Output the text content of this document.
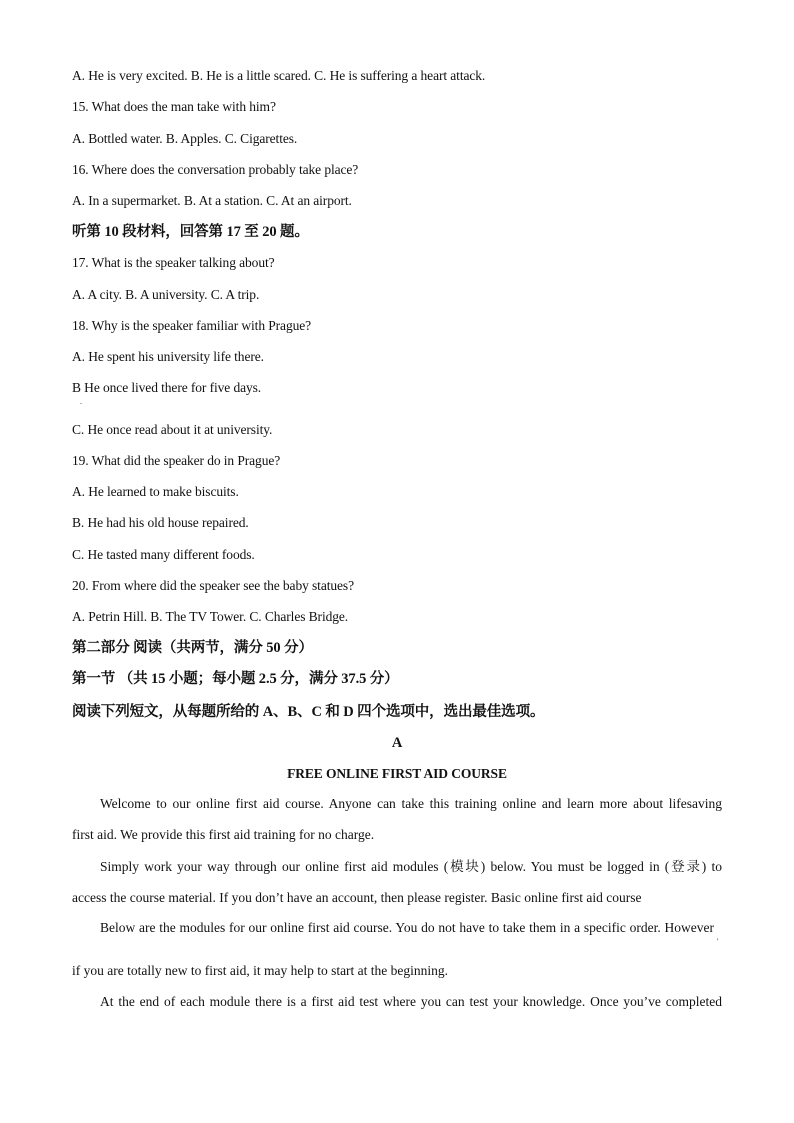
A. He is very excited. B. He is a little scared. C. He is suffering a heart attack.
15. What does the man take with him?
A. Bottled water. B. Apples. C. Cigarettes.
16. Where does the conversation probably take place?
A. In a supermarket. B. At a station. C. At an airport.
听第 10 段材料，回答第 17 至 20 题。
17. What is the speaker talking about?
A. A city. B. A university. C. A trip.
18. Why is the speaker familiar with Prague?
A. He spent his university life there.
B He once lived there for five days.
.
C. He once read about it at university.
19. What did the speaker do in Prague?
A. He learned to make biscuits.
B. He had his old house repaired.
C. He tasted many different foods.
20. From where did the speaker see the baby statues?
A. Petrin Hill. B. The TV Tower. C. Charles Bridge.
第二部分 阅读（共两节，满分 50 分）
第一节 （共 15 小题；每小题 2.5 分，满分 37.5 分）
阅读下列短文，从每题所给的 A、B、C 和 D 四个选项中，选出最佳选项。
A
FREE ONLINE FIRST AID COURSE
Welcome to our online first aid course. Anyone can take this training online and learn more about lifesaving
first aid. We provide this first aid training for no charge.
Simply work your way through our online first aid modules (模块) below. You must be logged in (登录) to
access the course material. If you don’t have an account, then please register. Basic online first aid course
Below are the modules for our online first aid course. You do not have to take them in a specific order. However
'
if you are totally new to first aid, it may help to start at the beginning.
At the end of each module there is a first aid test where you can test your knowledge. Once you’ve completed
